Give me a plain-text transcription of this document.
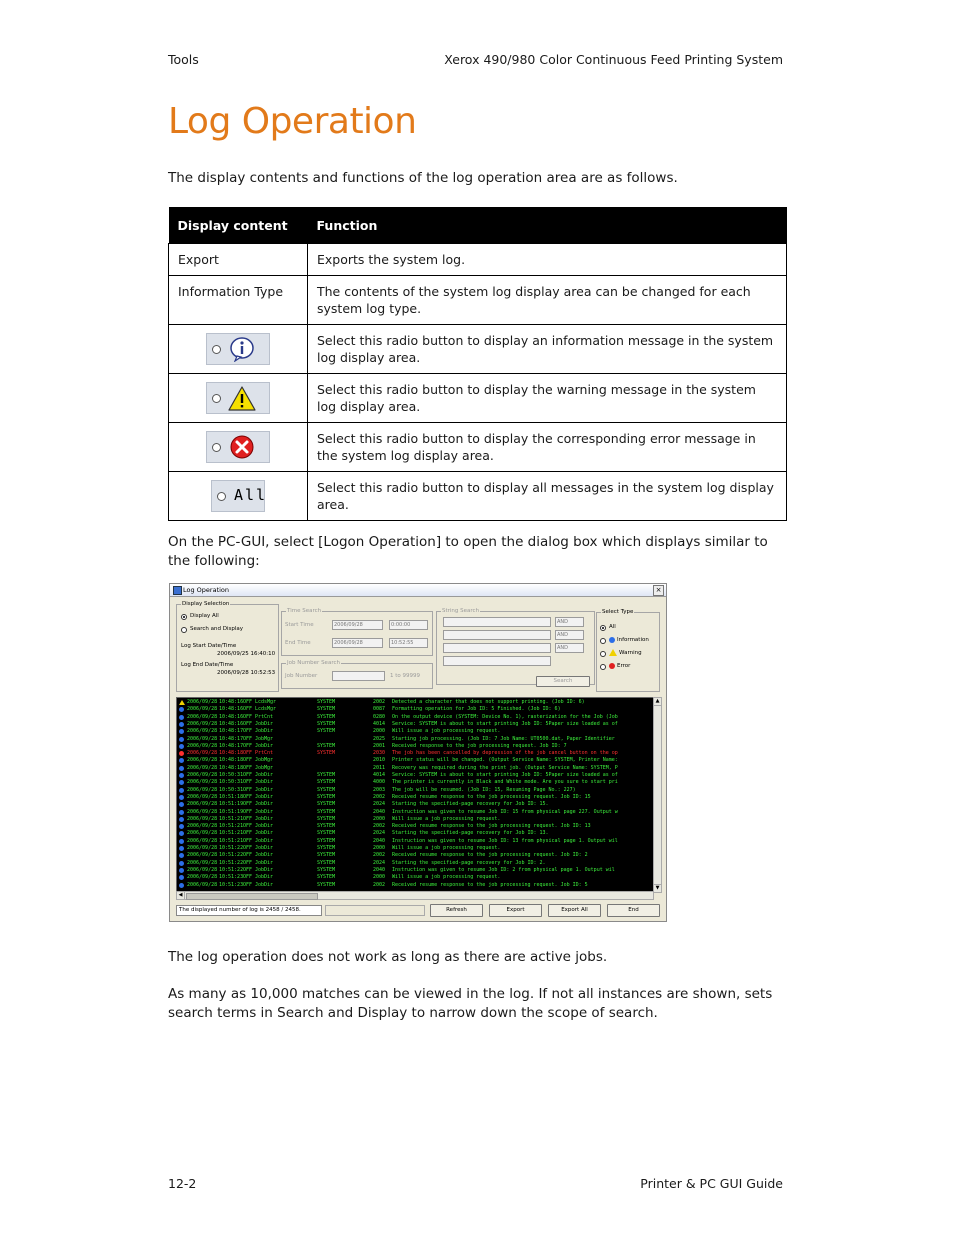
Tools	Xerox 490/980 Color Continuous Feed Printing System
Log Operation
The display contents and functions of the log operation area are as follows.
Display content	Function
Export	Exports the system log.
Information Type	The contents of the system log display area can be changed for each system log type.

	Select this radio button to display an information message in the system log display area.

	Select this radio button to display the warning message in the system log display area.

	Select this radio button to display the corresponding error message in the system log display area.

All	Select this radio button to display all messages in the system log display area.
On the PC-GUI, select [Logon Operation] to open the dialog box which displays similar to the following:
Log Operation	×
Display Selection
Display All
Search and Display
Log Start Date/Time
2006/09/25 16:40:10
Log End Date/Time
2006/09/28 10:52:53
Time Search
Start Time	2006/09/28	0:00:00
End Time	2006/09/28	10:52:55
String Search
AND
AND
AND
Job Number Search
Job Number	1 to 99999
Search
Select Type
All
Information
Warning
Error
2006/09/28 10:48:16 OFF LcdsMgr	SYSTEM	2002 Detected a character that does not support printing. (Job ID: 6)
2006/09/28 10:48:16 OFF LcdsMgr	SYSTEM	0087 Formatting operation for Job ID: 5 Finished. (Job ID: 6)
2006/09/28 10:48:16 OFF PrtCnt	SYSTEM	0280 On the output device (SYSTEM: Device No. 1), rasterization for the Job (Job
2006/09/28 10:48:16 OFF JobDir	SYSTEM	4014 Service: SYSTEM is about to start printing Job ID: 5Paper size loaded as of
2006/09/28 10:48:17 OFF JobDir	SYSTEM	2000 Will issue a job processing request.
2006/09/28 10:48:17 OFF JobMgr	2025 Starting job processing. (Job ID: 7 Job Name: UT0500.dat, Paper Identifier
2006/09/28 10:48:17 OFF JobDir	SYSTEM	2001 Received response to the job processing request. Job ID: 7
2006/09/28 10:48:18 OFF PrtCnt	SYSTEM	2030 The job has been cancelled by depression of the job cancel button on the op
2006/09/28 10:48:18 OFF JobMgr	2010 Printer status will be changed. (Output Service Name: SYSTEM, Printer Name:
2006/09/28 10:48:18 OFF JobMgr	2011 Recovery was required during the print job. (Output Service Name: SYSTEM, P
2006/09/28 10:50:31 OFF JobDir	SYSTEM	4014 Service: SYSTEM is about to start printing Job ID: 5Paper size loaded as of
2006/09/28 10:50:31 OFF JobDir	SYSTEM	4000 The printer is currently in Black and White mode. Are you sure to start pri
2006/09/28 10:50:31 OFF JobDir	SYSTEM	2003 The job will be resumed. (Job ID: 15, Resuming Page No.: 227)
2006/09/28 10:51:18 OFF JobDir	SYSTEM	2002 Received resume response to the job processing request. Job ID: 15
2006/09/28 10:51:19 OFF JobDir	SYSTEM	2024 Starting the specified-page recovery for Job ID: 15.
2006/09/28 10:51:19 OFF JobDir	SYSTEM	2040 Instruction was given to resume Job ID: 15 from physical page 227. Output w
2006/09/28 10:51:21 OFF JobDir	SYSTEM	2000 Will issue a job processing request.
2006/09/28 10:51:21 OFF JobDir	SYSTEM	2002 Received resume response to the job processing request. Job ID: 13
2006/09/28 10:51:21 OFF JobDir	SYSTEM	2024 Starting the specified-page recovery for Job ID: 13.
2006/09/28 10:51:21 OFF JobDir	SYSTEM	2040 Instruction was given to resume Job ID: 13 from physical page 1. Output wil
2006/09/28 10:51:22 OFF JobDir	SYSTEM	2000 Will issue a job processing request.
2006/09/28 10:51:22 OFF JobDir	SYSTEM	2002 Received resume response to the job processing request. Job ID: 2
2006/09/28 10:51:22 OFF JobDir	SYSTEM	2024 Starting the specified-page recovery for Job ID: 2.
2006/09/28 10:51:22 OFF JobDir	SYSTEM	2040 Instruction was given to resume Job ID: 2 from physical page 1. Output wil
2006/09/28 10:51:23 OFF JobDir	SYSTEM	2000 Will issue a job processing request.
2006/09/28 10:51:23 OFF JobDir	SYSTEM	2002 Received resume response to the job processing request. Job ID: 5
▲
▼
◀
The displayed number of log is 2458 / 2458.	Refresh	Export	Export All	End
The log operation does not work as long as there are active jobs.
As many as 10,000 matches can be viewed in the log. If not all instances are shown, sets search terms in Search and Display to narrow down the scope of search.
12-2	Printer & PC GUI Guide
